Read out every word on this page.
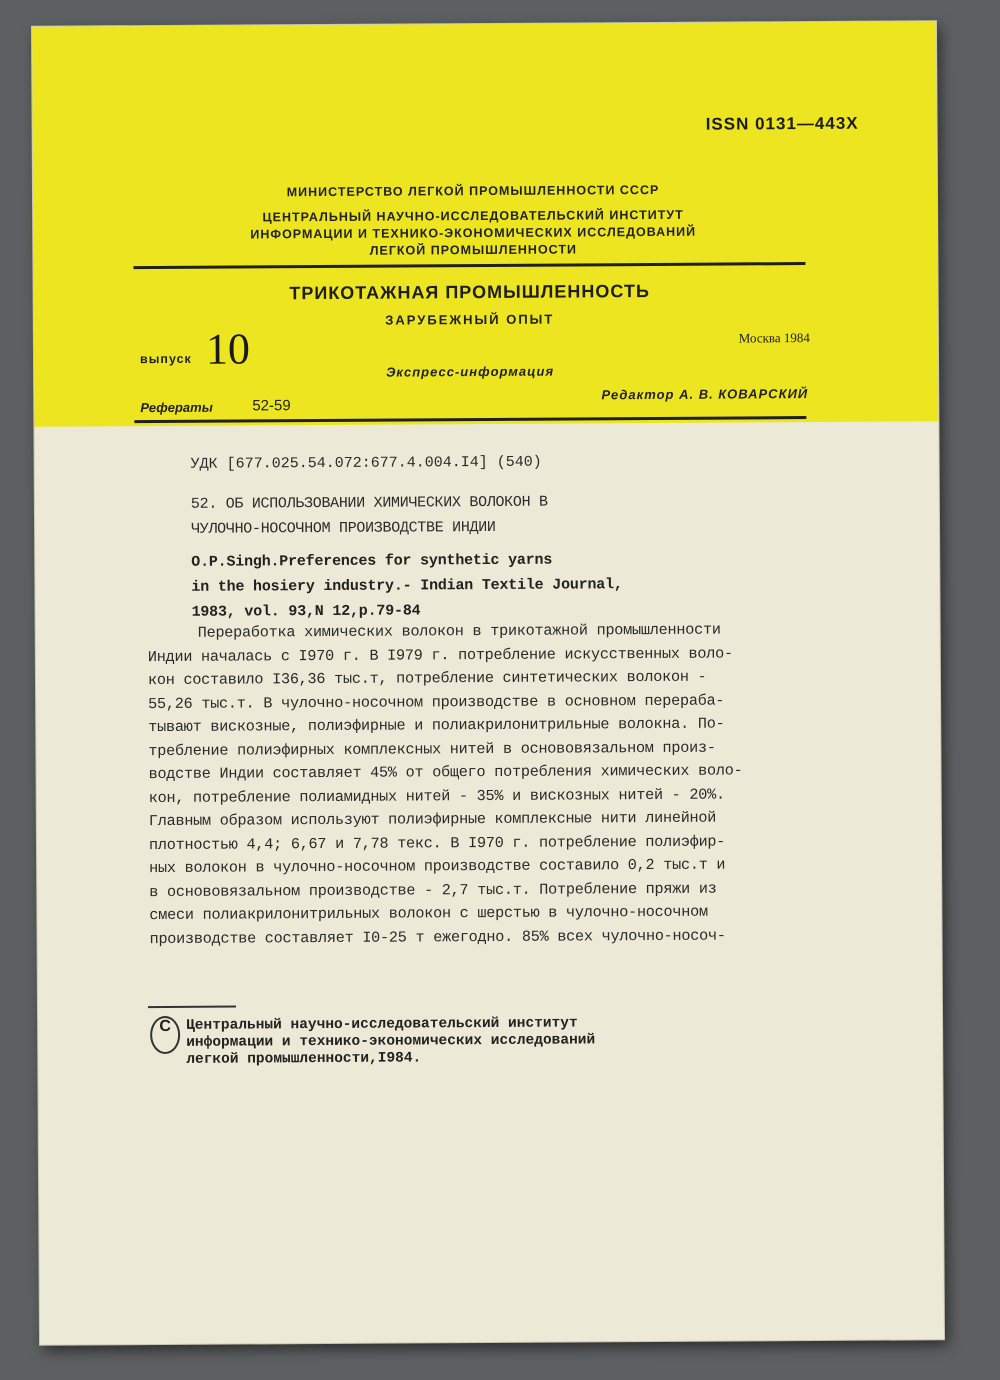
ISSN 0131—443Х
МИНИСТЕРСТВО ЛЕГКОЙ ПРОМЫШЛЕННОСТИ СССР
ЦЕНТРАЛЬНЫЙ НАУЧНО-ИССЛЕДОВАТЕЛЬСКИЙ ИНСТИТУТ
ИНФОРМАЦИИ И ТЕХНИКО-ЭКОНОМИЧЕСКИХ ИССЛЕДОВАНИЙ
ЛЕГКОЙ ПРОМЫШЛЕННОСТИ
ТРИКОТАЖНАЯ ПРОМЫШЛЕННОСТЬ
ЗАРУБЕЖНЫЙ ОПЫТ
выпуск 10	Москва 1984
Экспресс-информация
Рефераты	52-59
Редактор А. В. КОВАРСКИЙ
УДК [677.025.54.072:677.4.004.I4] (540)
52. ОБ ИСПОЛЬЗОВАНИИ ХИМИЧЕСКИХ ВОЛОКОН В
ЧУЛОЧНО-НОСОЧНОМ ПРОИЗВОДСТВЕ ИНДИИ
O.P.Singh.Preferences for synthetic yarns
in the hosiery industry.- Indian Textile Journal,
1983, vol. 93,N 12,p.79-84
Переработка химических волокон в трикотажной промышленности
Индии началась с I970 г. В I979 г. потребление искусственных воло-
кон составило I36,36 тыс.т, потребление синтетических волокон -
55,26 тыс.т. В чулочно-носочном производстве в основном перераба-
тывают вискозные, полиэфирные и полиакрилонитрильные волокна. По-
требление полиэфирных комплексных нитей в основовязальном произ-
водстве Индии составляет 45% от общего потребления химических воло-
кон, потребление полиамидных нитей - 35% и вискозных нитей - 20%.
Главным образом используют полиэфирные комплексные нити линейной
плотностью 4,4; 6,67 и 7,78 текс. В I970 г. потребление полиэфир-
ных волокон в чулочно-носочном производстве составило 0,2 тыс.т и
в основовязальном производстве - 2,7 тыс.т. Потребление пряжи из
смеси полиакрилонитрильных волокон с шерстью в чулочно-носочном
производстве составляет I0-25 т ежегодно. 85% всех чулочно-носоч-
C	Центральный научно-исследовательский институт
информации и технико-экономических исследований
легкой промышленности,I984.
